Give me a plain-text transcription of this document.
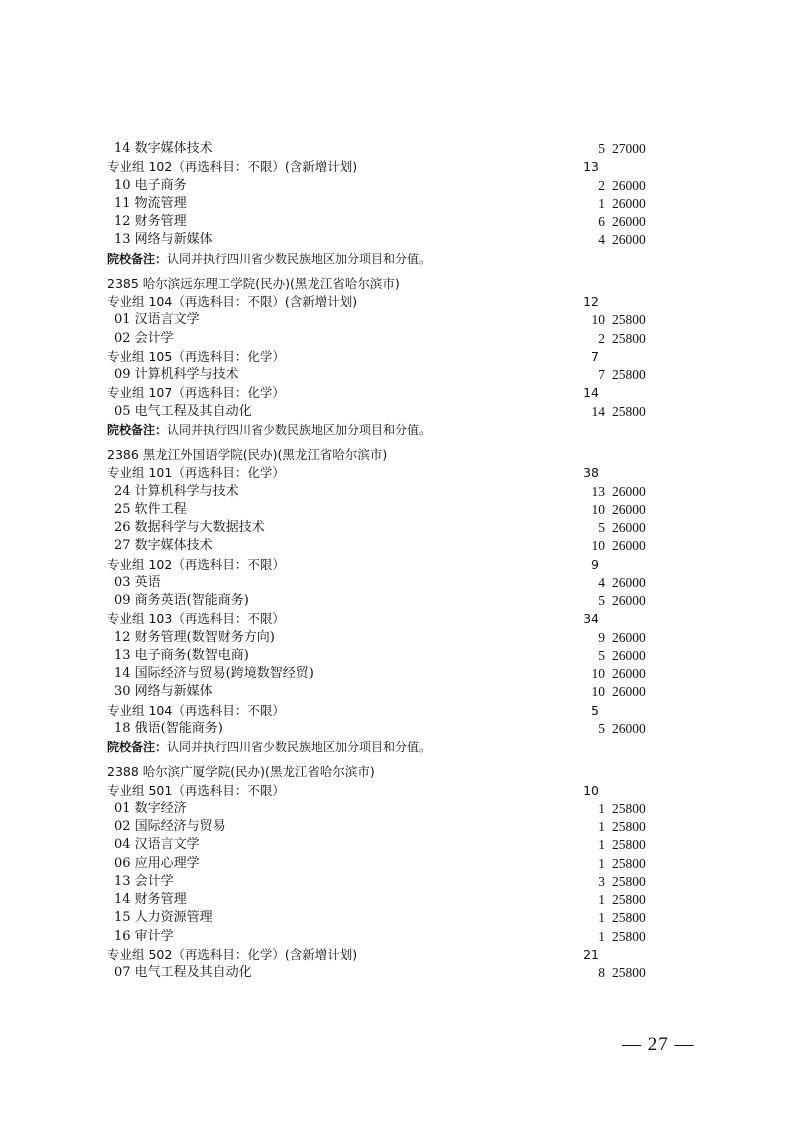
14 数字媒体技术	5 27000
专业组 102（再选科目：不限）(含新增计划)	13
10 电子商务	2 26000
11 物流管理	1 26000
12 财务管理	6 26000
13 网络与新媒体	4 26000
院校备注：认同并执行四川省少数民族地区加分项目和分值。
2385 哈尔滨远东理工学院(民办)(黑龙江省哈尔滨市)
专业组 104（再选科目：不限）(含新增计划)	12
01 汉语言文学	10 25800
02 会计学	2 25800
专业组 105（再选科目：化学）	7
09 计算机科学与技术	7 25800
专业组 107（再选科目：化学）	14
05 电气工程及其自动化	14 25800
院校备注：认同并执行四川省少数民族地区加分项目和分值。
2386 黑龙江外国语学院(民办)(黑龙江省哈尔滨市)
专业组 101（再选科目：化学）	38
24 计算机科学与技术	13 26000
25 软件工程	10 26000
26 数据科学与大数据技术	5 26000
27 数字媒体技术	10 26000
专业组 102（再选科目：不限）	9
03 英语	4 26000
09 商务英语(智能商务)	5 26000
专业组 103（再选科目：不限）	34
12 财务管理(数智财务方向)	9 26000
13 电子商务(数智电商)	5 26000
14 国际经济与贸易(跨境数智经贸)	10 26000
30 网络与新媒体	10 26000
专业组 104（再选科目：不限）	5
18 俄语(智能商务)	5 26000
院校备注：认同并执行四川省少数民族地区加分项目和分值。
2388 哈尔滨广厦学院(民办)(黑龙江省哈尔滨市)
专业组 501（再选科目：不限）	10
01 数字经济	1 25800
02 国际经济与贸易	1 25800
04 汉语言文学	1 25800
06 应用心理学	1 25800
13 会计学	3 25800
14 财务管理	1 25800
15 人力资源管理	1 25800
16 审计学	1 25800
专业组 502（再选科目：化学）(含新增计划)	21
07 电气工程及其自动化	8 25800
— 27 —
